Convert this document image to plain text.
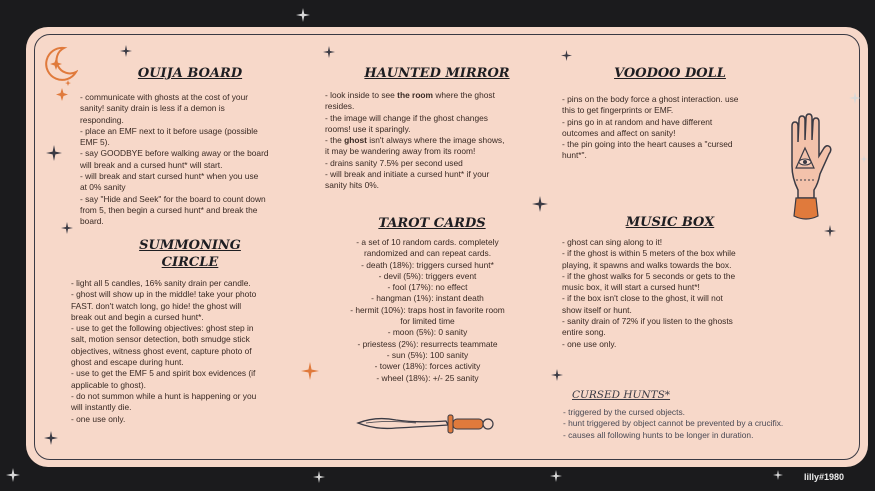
OUIJA BOARD
- communicate with ghosts at the cost of your
sanity! sanity drain is less if a demon is
responding.
- place an EMF next to it before usage (possible
EMF 5).
- say GOODBYE before walking away or the board
will break and a cursed hunt* will start.
- will break and start cursed hunt* when you use
at 0% sanity
- say "Hide and Seek" for the board to count down
from 5, then begin a cursed hunt* and break the
board.
SUMMONING
CIRCLE
- light all 5 candles, 16% sanity drain per candle.
- ghost will show up in the middle! take your photo
FAST. don't watch long, go hide! the ghost will
break out and begin a cursed hunt*.
- use to get the following objectives: ghost step in
salt, motion sensor detection, both smudge stick
objectives, witness ghost event, capture photo of
ghost and escape during hunt.
- use to get the EMF 5 and spirit box evidences (if
applicable to ghost).
- do not summon while a hunt is happening or you
will instantly die.
- one use only.
HAUNTED MIRROR
- look inside to see the room where the ghost
resides.
- the image will change if the ghost changes
rooms! use it sparingly.
- the ghost isn't always where the image shows,
it may be wandering away from its room!
- drains sanity 7.5% per second used
- will break and initiate a cursed hunt* if your
sanity hits 0%.
TAROT CARDS
- a set of 10 random cards. completely
randomized and can repeat cards.
- death (18%): triggers cursed hunt*
- devil (5%): triggers event
- fool (17%): no effect
- hangman (1%): instant death
- hermit (10%): traps host in favorite room
for limited time
- moon (5%): 0 sanity
- priestess (2%): resurrects teammate
- sun (5%): 100 sanity
- tower (18%): forces activity
- wheel (18%): +/- 25 sanity
VOODOO DOLL
- pins on the body force a ghost interaction. use
this to get fingerprints or EMF.
- pins go in at random and have different
outcomes and affect on sanity!
- the pin going into the heart causes a "cursed
hunt*".
MUSIC BOX
- ghost can sing along to it!
- if the ghost is within 5 meters of the box while
playing, it spawns and walks towards the box.
- if the ghost walks for 5 seconds or gets to the
music box, it will start a cursed hunt*!
- if the box isn't close to the ghost, it will not
show itself or hunt.
- sanity drain of 72% if you listen to the ghosts
entire song.
- one use only.
CURSED HUNTS*
- triggered by the cursed objects.
- hunt triggered by object cannot be prevented by a crucifix.
- causes all following hunts to be longer in duration.
lilly#1980
